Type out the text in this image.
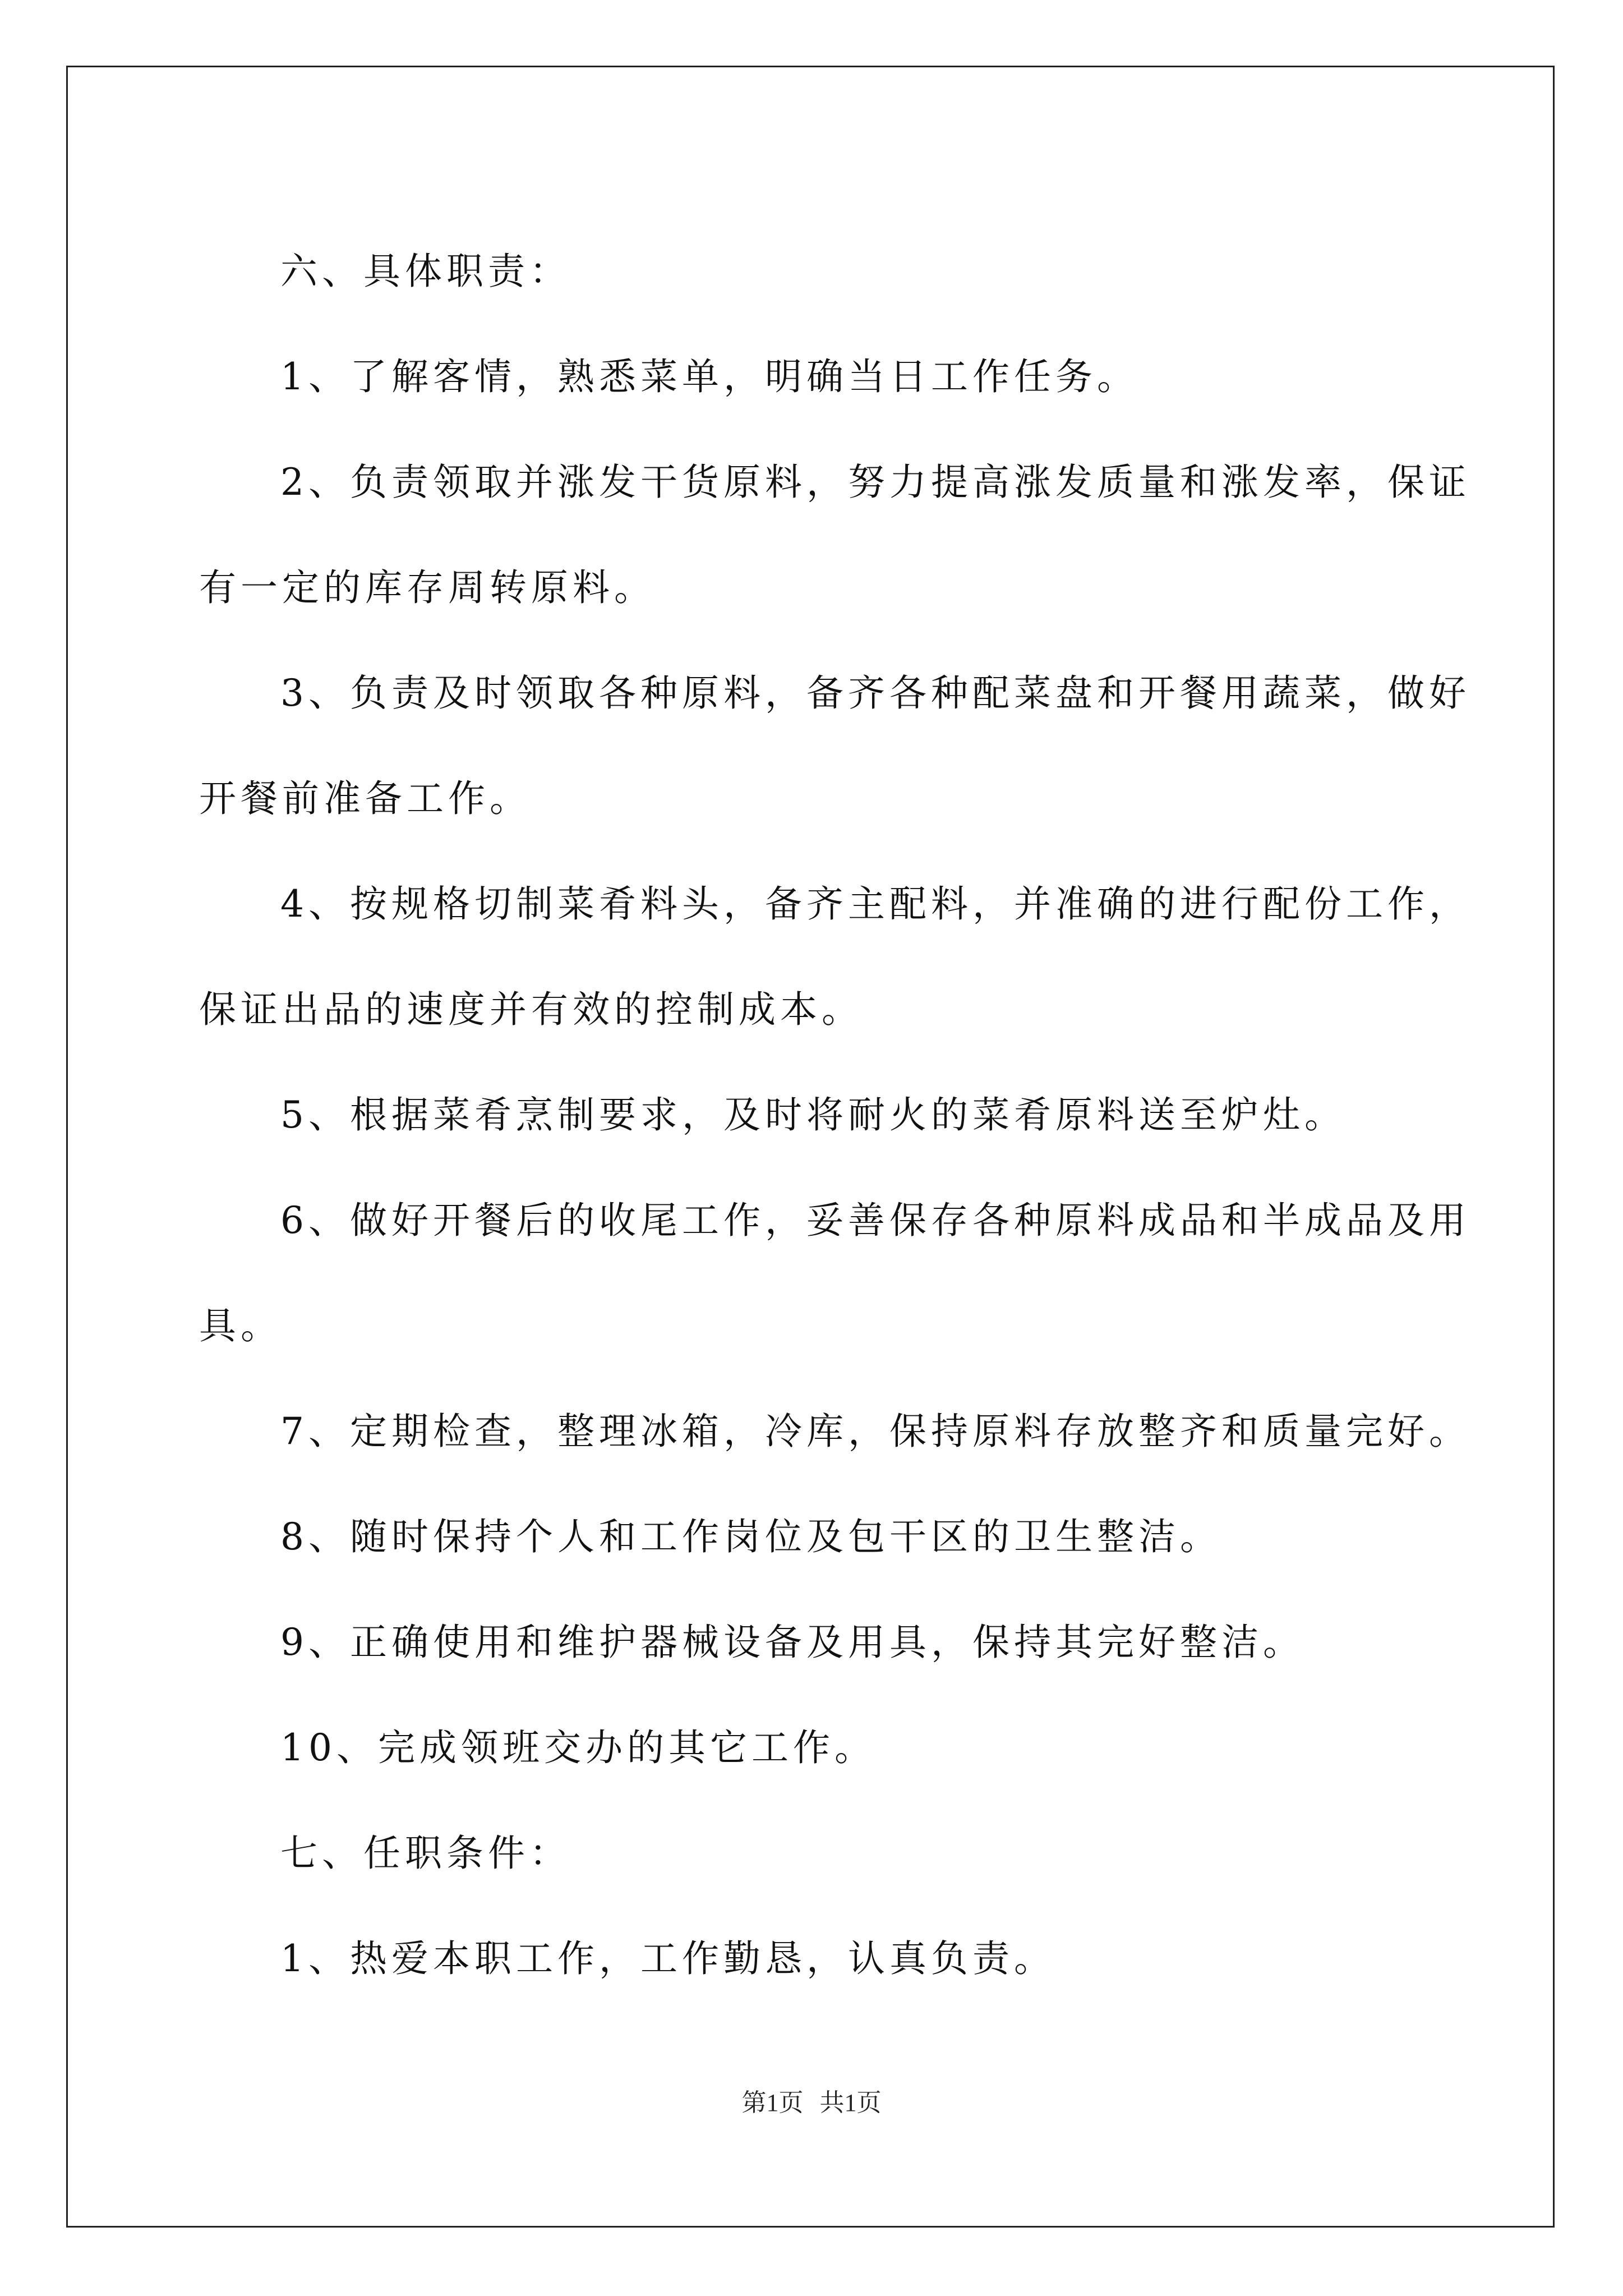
六、具体职责：

1、了解客情，熟悉菜单，明确当日工作任务。

2、负责领取并涨发干货原料，努力提高涨发质量和涨发率，保证

有一定的库存周转原料。

3、负责及时领取各种原料，备齐各种配菜盘和开餐用蔬菜，做好

开餐前准备工作。

4、按规格切制菜肴料头，备齐主配料，并准确的进行配份工作，

保证出品的速度并有效的控制成本。

5、根据菜肴烹制要求，及时将耐火的菜肴原料送至炉灶。

6、做好开餐后的收尾工作，妥善保存各种原料成品和半成品及用

具。

7、定期检查，整理冰箱，冷库，保持原料存放整齐和质量完好。

8、随时保持个人和工作岗位及包干区的卫生整洁。

9、正确使用和维护器械设备及用具，保持其完好整洁。

10、完成领班交办的其它工作。

七、任职条件：

1、热爱本职工作，工作勤恳，认真负责。

第1页 共1页
